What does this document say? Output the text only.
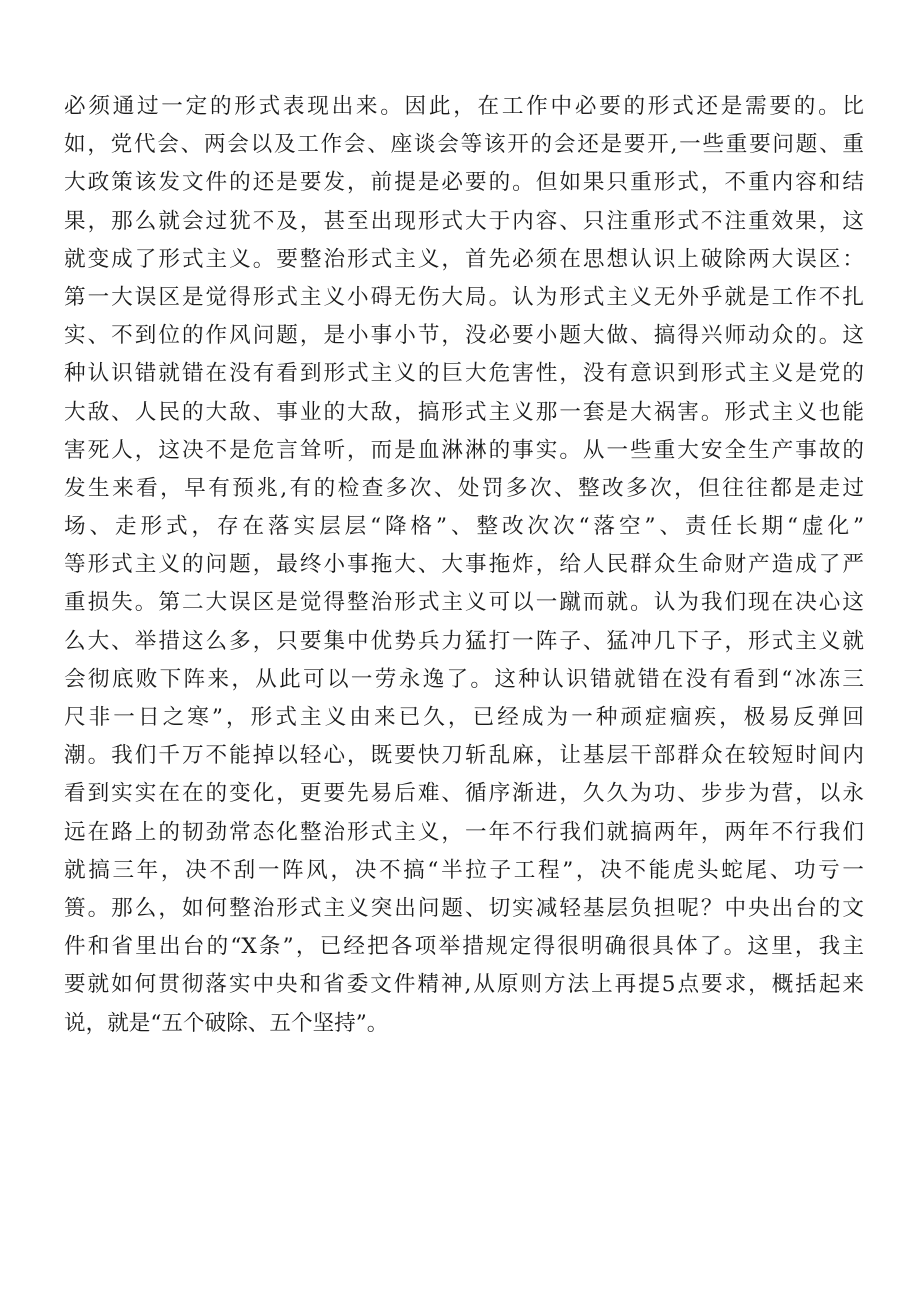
必须通过一定的形式表现出来。因此，在工作中必要的形式还是需要的。比
如，党代会、两会以及工作会、座谈会等该开的会还是要开,一些重要问题、重
大政策该发文件的还是要发，前提是必要的。但如果只重形式，不重内容和结
果，那么就会过犹不及，甚至出现形式大于内容、只注重形式不注重效果，这
就变成了形式主义。要整治形式主义，首先必须在思想认识上破除两大误区：
第一大误区是觉得形式主义小碍无伤大局。认为形式主义无外乎就是工作不扎
实、不到位的作风问题，是小事小节，没必要小题大做、搞得兴师动众的。这
种认识错就错在没有看到形式主义的巨大危害性，没有意识到形式主义是党的
大敌、人民的大敌、事业的大敌，搞形式主义那一套是大祸害。形式主义也能
害死人，这决不是危言耸听，而是血淋淋的事实。从一些重大安全生产事故的
发生来看，早有预兆,有的检查多次、处罚多次、整改多次，但往往都是走过
场、走形式，存在落实层层“降格”、整改次次“落空”、责任长期“虚化”
等形式主义的问题，最终小事拖大、大事拖炸，给人民群众生命财产造成了严
重损失。第二大误区是觉得整治形式主义可以一蹴而就。认为我们现在决心这
么大、举措这么多，只要集中优势兵力猛打一阵子、猛冲几下子，形式主义就
会彻底败下阵来，从此可以一劳永逸了。这种认识错就错在没有看到“冰冻三
尺非一日之寒”，形式主义由来已久，已经成为一种顽症痼疾，极易反弹回
潮。我们千万不能掉以轻心，既要快刀斩乱麻，让基层干部群众在较短时间内
看到实实在在的变化，更要先易后难、循序渐进，久久为功、步步为营，以永
远在路上的韧劲常态化整治形式主义，一年不行我们就搞两年，两年不行我们
就搞三年，决不刮一阵风，决不搞“半拉子工程”，决不能虎头蛇尾、功亏一
篑。那么，如何整治形式主义突出问题、切实减轻基层负担呢？中央出台的文
件和省里出台的“X条”，已经把各项举措规定得很明确很具体了。这里，我主
要就如何贯彻落实中央和省委文件精神,从原则方法上再提5点要求，概括起来
说，就是“五个破除、五个坚持”。
